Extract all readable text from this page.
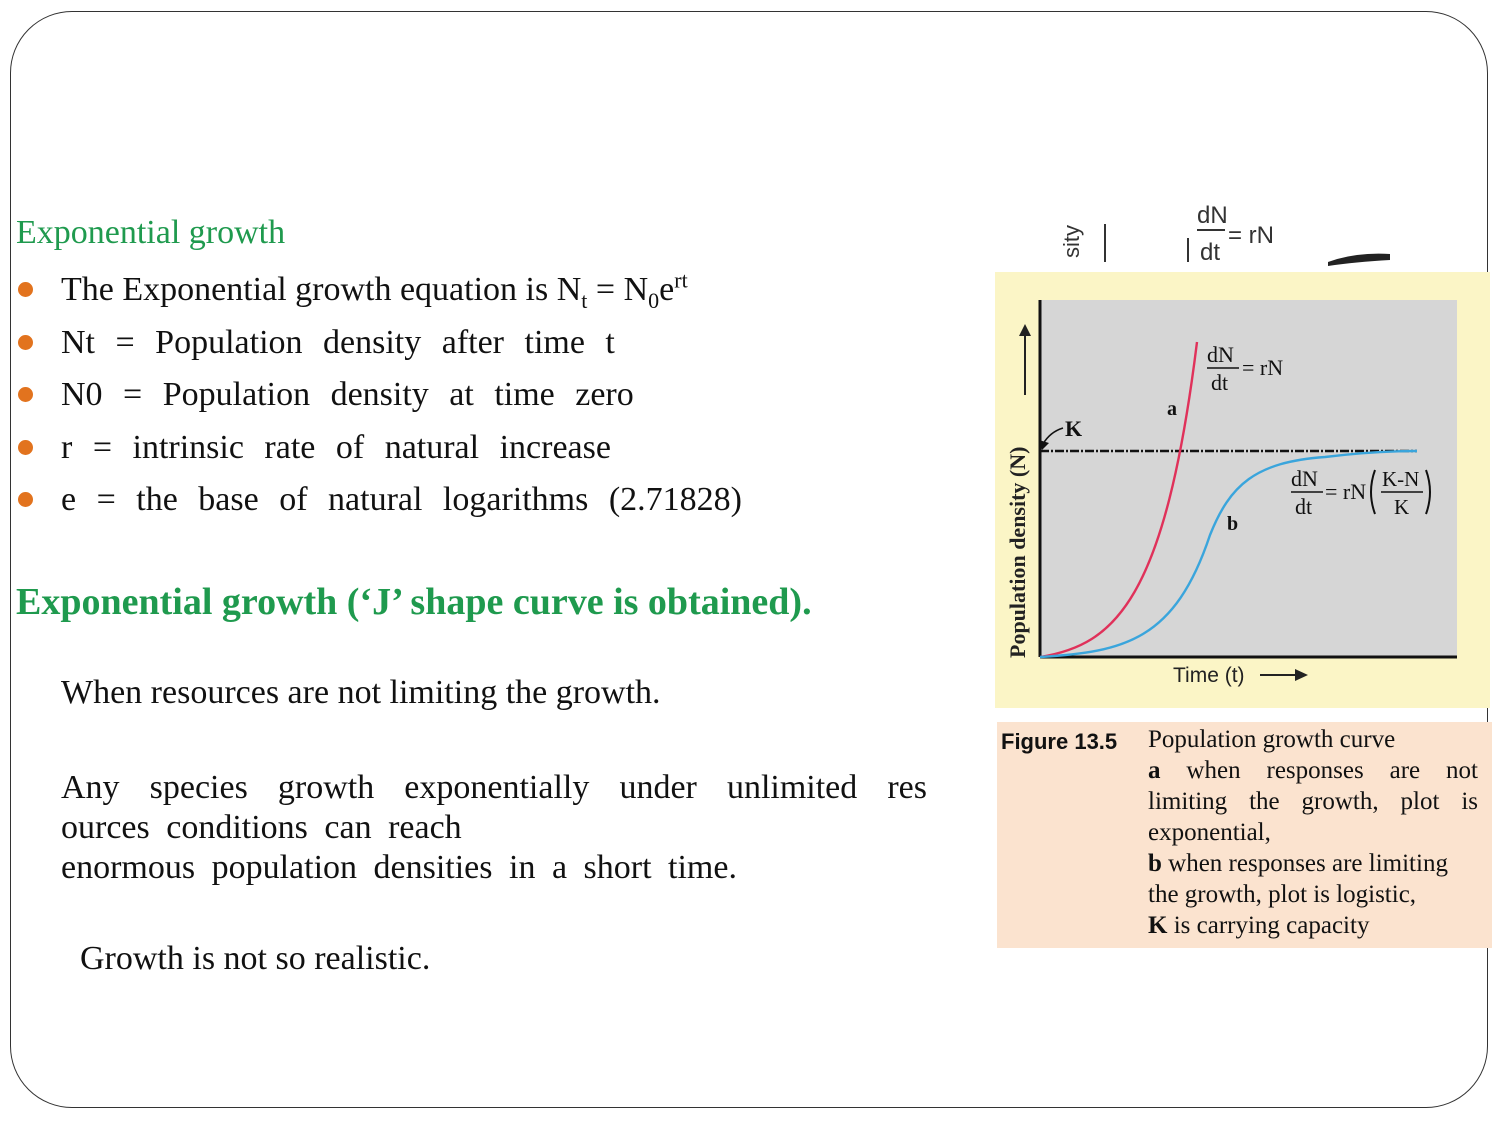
Exponential growth
The Exponential growth equation is $N_t = N_0e^{rt}$
Nt = Population density after time t
N0 = Population density at time zero
r = intrinsic rate of natural increase
e = the base of natural logarithms (2.71828)
Exponential growth (‘J’ shape curve is obtained).
When resources are not limiting the growth.
Any species growth exponentially under unlimited res
ources conditions can reach
enormous population densities in a short time.
Growth is not so realistic.
sity
dN
dt
= rN
Population density (N)
Time (t)
K
a
b
dN
dt
= rN
dN
dt
= rN K-N
K
Figure 13.5 Population growth curve
a when responses are not
limiting the growth, plot is
exponential,
b when responses are limiting
the growth, plot is logistic,
K is carrying capacity
